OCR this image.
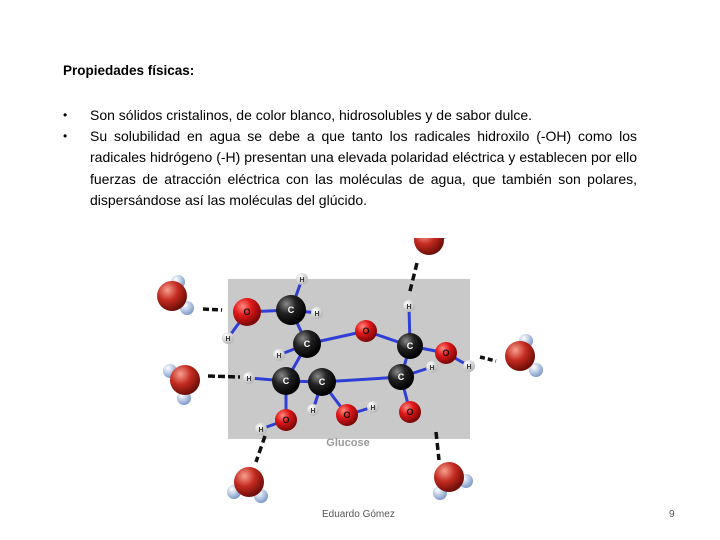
Propiedades físicas:
• Son sólidos cristalinos, de color blanco, hidrosolubles y de sabor dulce.
• Su solubilidad en agua se debe a que tanto los radicales hidroxilo (-OH) como los radicales hidrógeno (-H) presentan una elevada polaridad eléctrica y establecen por ello fuerzas de atracción eléctrica con las moléculas de agua, que también son polares, dispersándose así las moléculas del glúcido.
Glucose
H
H
H
H
H
H
H
H	H
H
H
O
O
O
O	O	O
C
C	C
C	C	C
Eduardo Gómez	9
